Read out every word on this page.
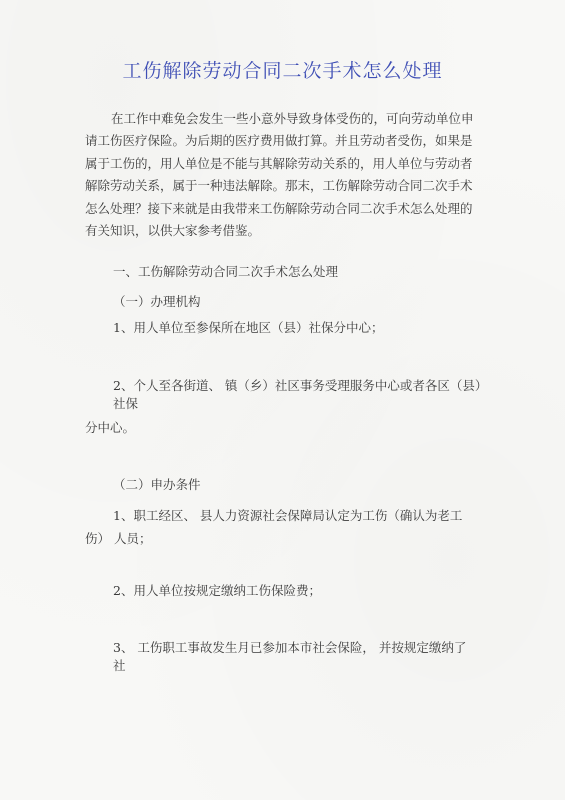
工伤解除劳动合同二次手术怎么处理
在工作中难免会发生一些小意外导致身体受伤的，可向劳动单位申请工伤医疗保险。为后期的医疗费用做打算。并且劳动者受伤，如果是属于工伤的，用人单位是不能与其解除劳动关系的，用人单位与劳动者解除劳动关系，属于一种违法解除。那末，工伤解除劳动合同二次手术怎么处理？接下来就是由我带来工伤解除劳动合同二次手术怎么处理的有关知识，以供大家参考借鉴。
一、工伤解除劳动合同二次手术怎么处理
（一）办理机构
1、用人单位至参保所在地区（县）社保分中心；
2、个人至各街道、 镇（乡）社区事务受理服务中心或者各区（县）
社保
分中心。
（二）申办条件
1、职工经区、 县人力资源社会保障局认定为工伤（确认为老工
伤） 人员；
2、用人单位按规定缴纳工伤保险费；
3、 工伤职工事故发生月已参加本市社会保险， 并按规定缴纳了
社
